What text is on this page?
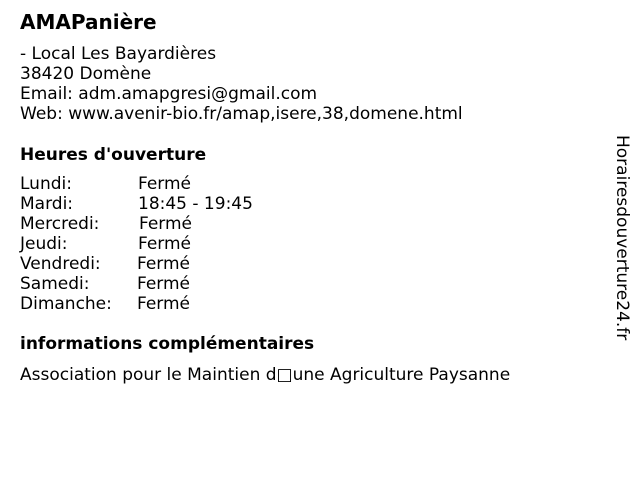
AMAPanière
- Local Les Bayardières
38420 Domène
Email: adm.amapgresi@gmail.com
Web: www.avenir-bio.fr/amap,isere,38,domene.html
Heures d'ouverture
Lundi:	Fermé
Mardi:	18:45 - 19:45
Mercredi: Fermé
Jeudi:	Fermé
Vendredi: Fermé
Samedi:	Fermé
Dimanche: Fermé
informations complémentaires
Association pour le Maintien d□une Agriculture Paysanne
Horairesdouverture24.fr
